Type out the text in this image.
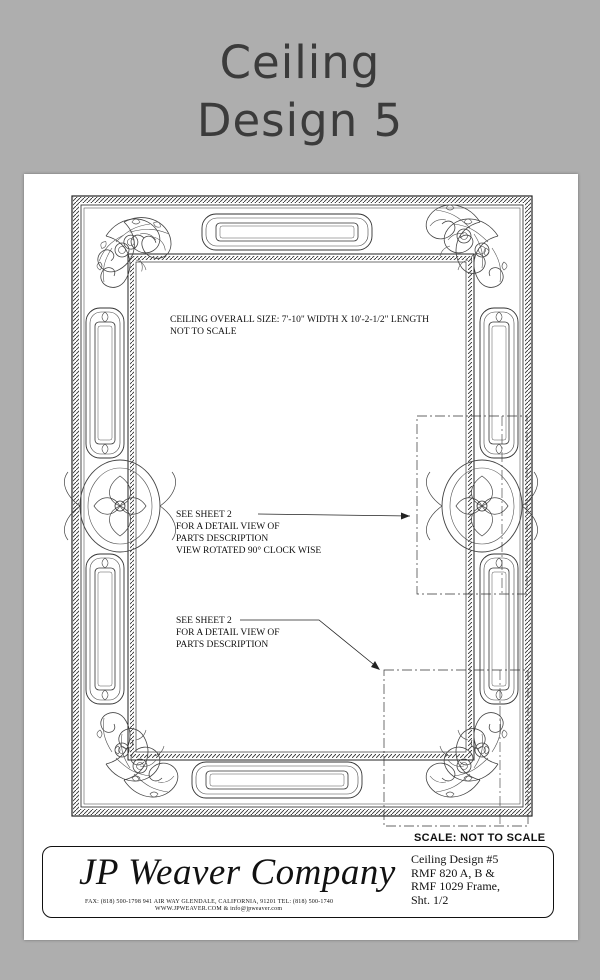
Ceiling
Design 5
CEILING OVERALL SIZE: 7'-10" WIDTH X 10'-2-1/2" LENGTH
NOT TO SCALE
SEE SHEET 2
FOR A DETAIL VIEW OF
PARTS DESCRIPTION
VIEW ROTATED 90° CLOCK WISE
SEE SHEET 2
FOR A DETAIL VIEW OF
PARTS DESCRIPTION
SCALE: NOT TO SCALE
JP Weaver Company
FAX: (818) 500-1798 941 AIR WAY GLENDALE, CALIFORNIA, 91201 TEL: (818) 500-1740
WWW.JPWEAVER.COM & info@jpweaver.com
Ceiling Design #5
RMF 820 A, B &
RMF 1029 Frame,
Sht. 1/2
